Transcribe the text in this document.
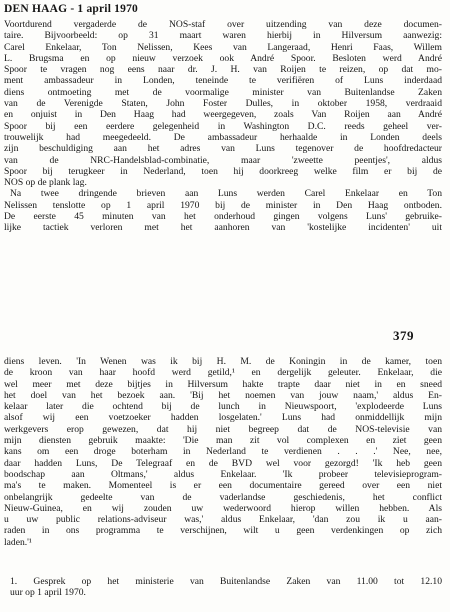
DEN HAAG - 1 april 1970
Voortdurend vergaderde de NOS-staf over uitzending van deze documen-
taire. Bijvoorbeeld: op 31 maart waren hierbij in Hilversum aanwezig:
Carel Enkelaar, Ton Nelissen, Kees van Langeraad, Henri Faas, Willem
L. Brugsma en op nieuw verzoek ook André Spoor. Besloten werd André
Spoor te vragen nog eens naar dr. J. H. van Roijen te reizen, op dat mo-
ment ambassadeur in Londen, teneinde te verifiëren of Luns inderdaad
diens ontmoeting met de voormalige minister van Buitenlandse Zaken
van de Verenigde Staten, John Foster Dulles, in oktober 1958, verdraaid
en onjuist in Den Haag had weergegeven, zoals Van Roijen aan André
Spoor bij een eerdere gelegenheid in Washington D.C. reeds geheel ver-
trouwelijk had meegedeeld. De ambassadeur herhaalde in Londen deels
zijn beschuldiging aan het adres van Luns tegenover de hoofdredacteur
van de NRC-Handelsblad-combinatie, maar 'zweette peentjes', aldus
Spoor bij terugkeer in Nederland, toen hij doorkreeg welke film er bij de
NOS op de plank lag.
Na twee dringende brieven aan Luns werden Carel Enkelaar en Ton
Nelissen tenslotte op 1 april 1970 bij de minister in Den Haag ontboden.
De eerste 45 minuten van het onderhoud gingen volgens Luns' gebruike-
lijke tactiek verloren met het aanhoren van 'kostelijke incidenten' uit
379
diens leven. 'In Wenen was ik bij H. M. de Koningin in de kamer, toen
de kroon van haar hoofd werd getild,¹ en dergelijk geleuter. Enkelaar, die
wel meer met deze bijtjes in Hilversum hakte trapte daar niet in en sneed
het doel van het bezoek aan. 'Bij het noemen van jouw naam,' aldus En-
kelaar later die ochtend bij de lunch in Nieuwspoort, 'explodeerde Luns
alsof wij een voetzoeker hadden losgelaten.' Luns had onmiddellijk mijn
werkgevers erop gewezen, dat hij niet begreep dat de NOS-televisie van
mijn diensten gebruik maakte: 'Die man zit vol complexen en ziet geen
kans om een droge boterham in Nederland te verdienen . . .' Nee, nee,
daar hadden Luns, De Telegraaf en de BVD wel voor gezorgd! 'Ik heb geen
boodschap aan Oltmans,' aldus Enkelaar. 'Ik probeer televisieprogram-
ma's te maken. Momenteel is er een documentaire gereed over een niet
onbelangrijk gedeelte van de vaderlandse geschiedenis, het conflict
Nieuw-Guinea, en wij zouden uw wederwoord hierop willen hebben. Als
u uw public relations-adviseur was,' aldus Enkelaar, 'dan zou ik u aan-
raden in ons programma te verschijnen, wilt u geen verdenkingen op zich
laden.'¹
1. Gesprek op het ministerie van Buitenlandse Zaken van 11.00 tot 12.10
uur op 1 april 1970.
